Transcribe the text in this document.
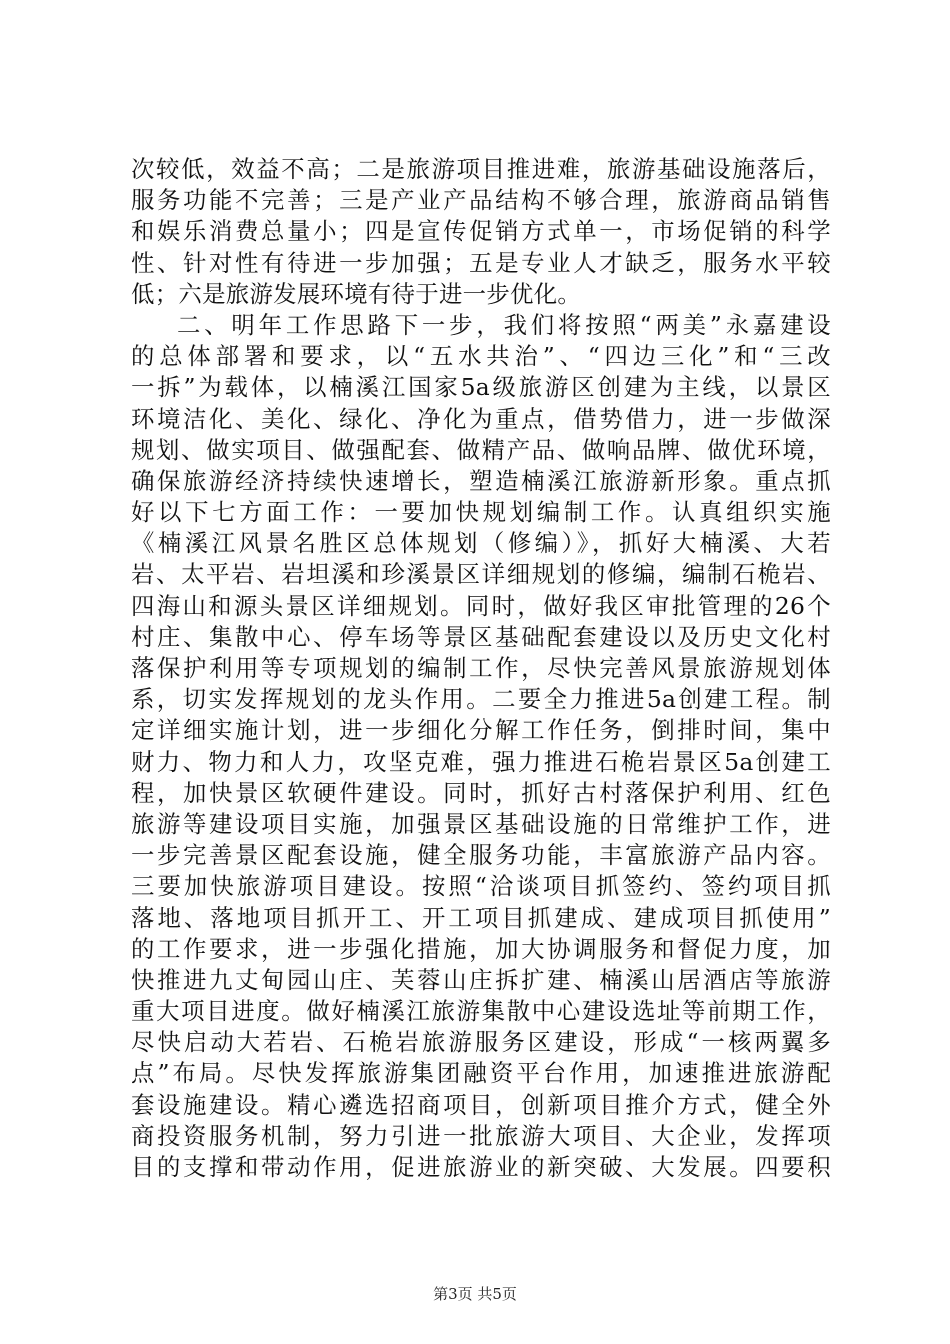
次较低，效益不高；二是旅游项目推进难，旅游基础设施落后，
服务功能不完善；三是产业产品结构不够合理，旅游商品销售
和娱乐消费总量小；四是宣传促销方式单一，市场促销的科学
性、针对性有待进一步加强；五是专业人才缺乏，服务水平较
低；六是旅游发展环境有待于进一步优化。
二、明年工作思路下一步，我们将按照“两美”永嘉建设
的总体部署和要求，以“五水共治”、“四边三化”和“三改
一拆”为载体，以楠溪江国家5a级旅游区创建为主线，以景区
环境洁化、美化、绿化、净化为重点，借势借力，进一步做深
规划、做实项目、做强配套、做精产品、做响品牌、做优环境，
确保旅游经济持续快速增长，塑造楠溪江旅游新形象。重点抓
好以下七方面工作：一要加快规划编制工作。认真组织实施
《楠溪江风景名胜区总体规划（修编）》，抓好大楠溪、大若
岩、太平岩、岩坦溪和珍溪景区详细规划的修编，编制石桅岩、
四海山和源头景区详细规划。同时，做好我区审批管理的26个
村庄、集散中心、停车场等景区基础配套建设以及历史文化村
落保护利用等专项规划的编制工作，尽快完善风景旅游规划体
系，切实发挥规划的龙头作用。二要全力推进5a创建工程。制
定详细实施计划，进一步细化分解工作任务，倒排时间，集中
财力、物力和人力，攻坚克难，强力推进石桅岩景区5a创建工
程，加快景区软硬件建设。同时，抓好古村落保护利用、红色
旅游等建设项目实施，加强景区基础设施的日常维护工作，进
一步完善景区配套设施，健全服务功能，丰富旅游产品内容。
三要加快旅游项目建设。按照“洽谈项目抓签约、签约项目抓
落地、落地项目抓开工、开工项目抓建成、建成项目抓使用”
的工作要求，进一步强化措施，加大协调服务和督促力度，加
快推进九丈甸园山庄、芙蓉山庄拆扩建、楠溪山居酒店等旅游
重大项目进度。做好楠溪江旅游集散中心建设选址等前期工作，
尽快启动大若岩、石桅岩旅游服务区建设，形成“一核两翼多
点”布局。尽快发挥旅游集团融资平台作用，加速推进旅游配
套设施建设。精心遴选招商项目，创新项目推介方式，健全外
商投资服务机制，努力引进一批旅游大项目、大企业，发挥项
目的支撑和带动作用，促进旅游业的新突破、大发展。四要积
第3页 共5页
